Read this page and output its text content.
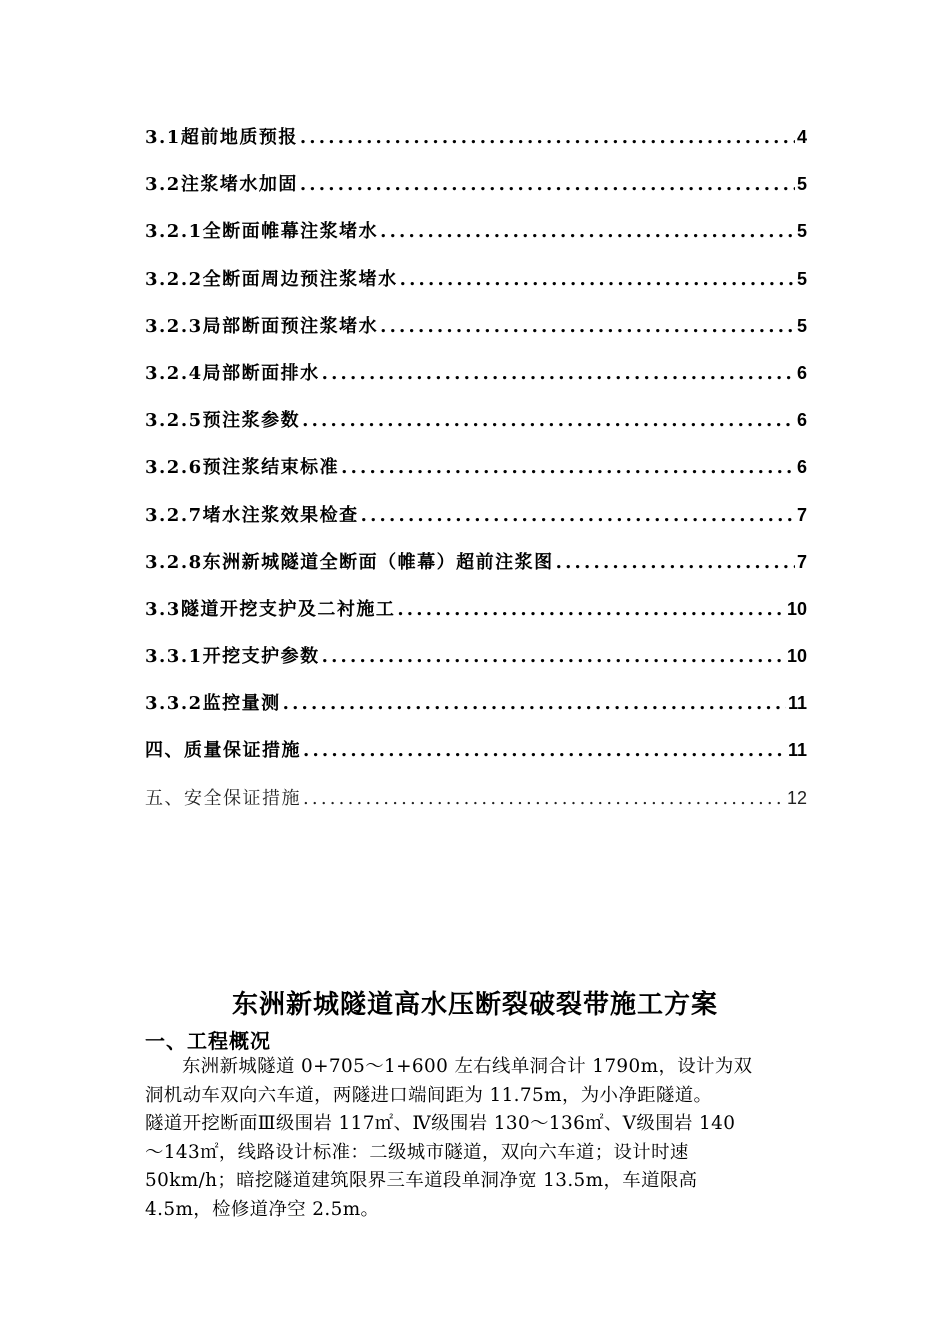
3.1超前地质预报 .....	4
3.2注浆堵水加固 .....	5
3.2.1全断面帷幕注浆堵水 .....	5
3.2.2全断面周边预注浆堵水 .....	5
3.2.3局部断面预注浆堵水 .....	5
3.2.4局部断面排水 .....	6
3.2.5预注浆参数 .....	6
3.2.6预注浆结束标准 .....	6
3.2.7堵水注浆效果检查 .....	7
3.2.8东洲新城隧道全断面（帷幕）超前注浆图 .....	7
3.3隧道开挖支护及二衬施工 .....	10
3.3.1开挖支护参数 .....	10
3.3.2监控量测 .....	11
四、质量保证措施 .....	11
五、安全保证措施 .....	12
东洲新城隧道高水压断裂破裂带施工方案
一、工程概况
东洲新城隧道 0+705～1+600 左右线单洞合计 1790m，设计为双
洞机动车双向六车道，两隧进口端间距为 11.75m，为小净距隧道。
隧道开挖断面Ⅲ级围岩 117㎡、Ⅳ级围岩 130～136㎡、Ⅴ级围岩 140
～143㎡，线路设计标准：二级城市隧道，双向六车道；设计时速
50km/h；暗挖隧道建筑限界三车道段单洞净宽 13.5m，车道限高
4.5m，检修道净空 2.5m。
